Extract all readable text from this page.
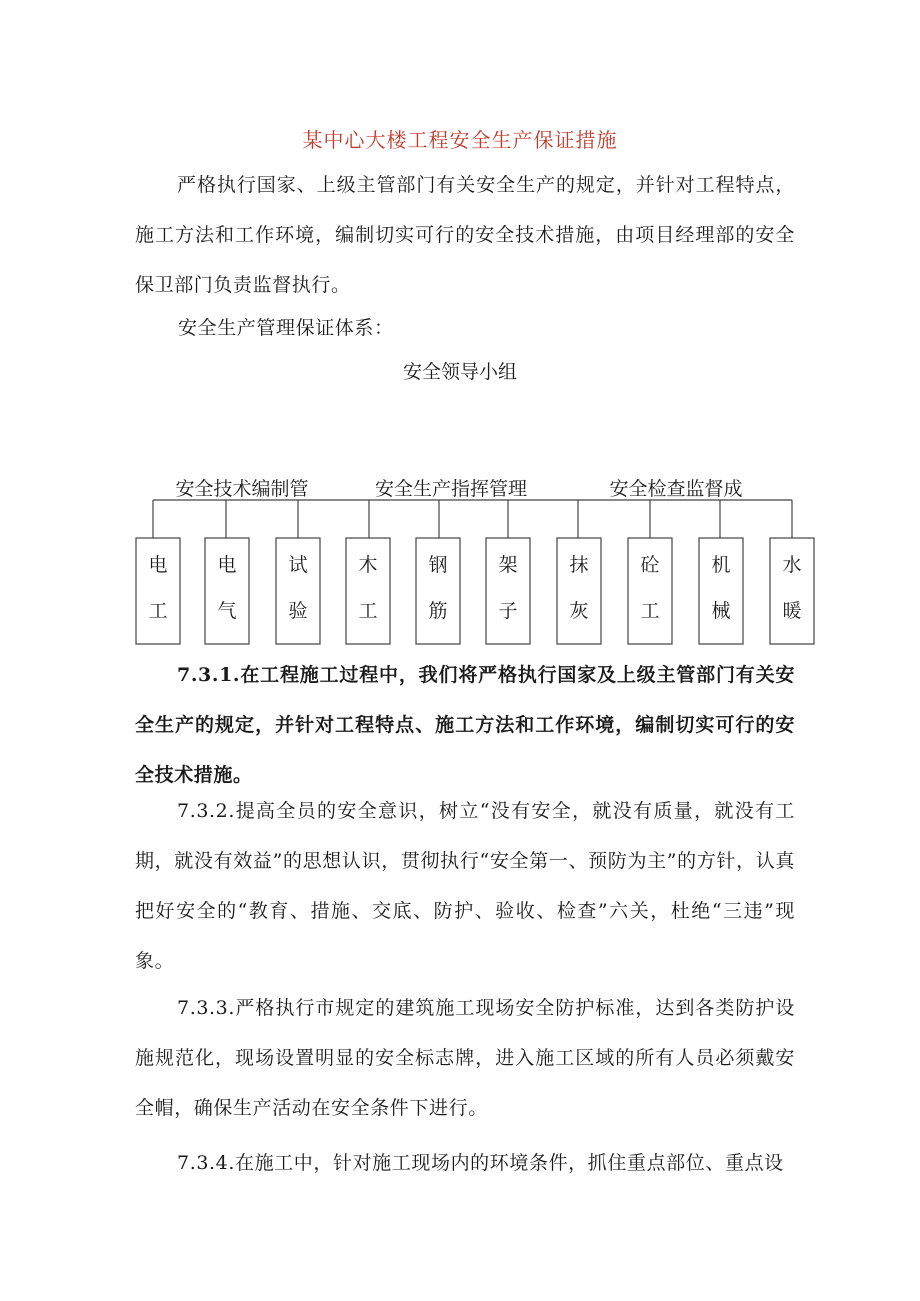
某中心大楼工程安全生产保证措施

严格执行国家、上级主管部门有关安全生产的规定，并针对工程特点，施工方法和工作环境，编制切实可行的安全技术措施，由项目经理部的安全保卫部门负责监督执行。

安全生产管理保证体系：
安全领导小组
安全技术编制管	安全生产指挥管理	安全检查监督成
电
工
电
气
试
验
木
工
钢
筋
架
子
抹
灰
砼
工
机
械
水
暖

7.3.1.在工程施工过程中，我们将严格执行国家及上级主管部门有关安全生产的规定，并针对工程特点、施工方法和工作环境，编制切实可行的安全技术措施。

7.3.2.提高全员的安全意识，树立“没有安全，就没有质量，就没有工期，就没有效益”的思想认识，贯彻执行“安全第一、预防为主”的方针，认真把好安全的“教育、措施、交底、防护、验收、检查”六关，杜绝“三违”现象。

7.3.3.严格执行市规定的建筑施工现场安全防护标准，达到各类防护设施规范化，现场设置明显的安全标志牌，进入施工区域的所有人员必须戴安全帽，确保生产活动在安全条件下进行。

7.3.4.在施工中，针对施工现场内的环境条件，抓住重点部位、重点设
